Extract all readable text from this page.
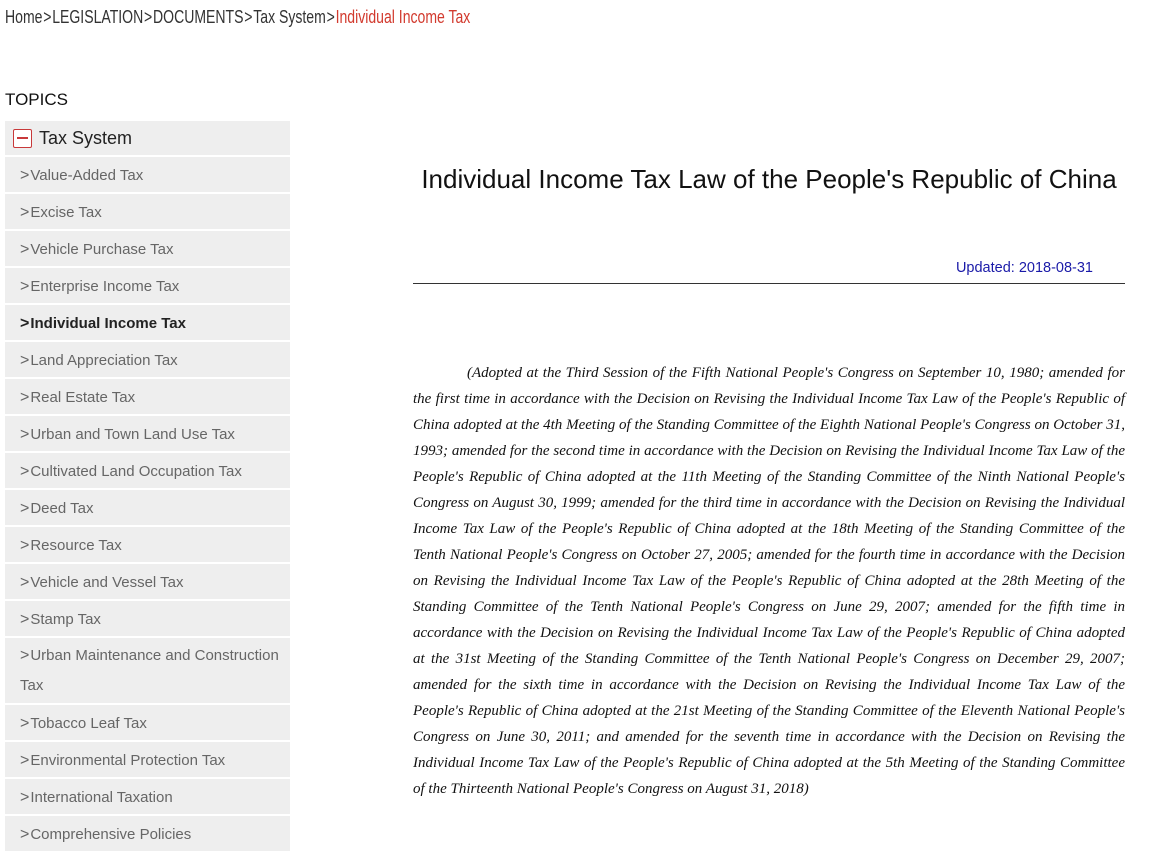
Home>LEGISLATION>DOCUMENTS>Tax System>Individual Income Tax
TOPICS
Tax System
>Value-Added Tax
>Excise Tax
>Vehicle Purchase Tax
>Enterprise Income Tax
>Individual Income Tax
>Land Appreciation Tax
>Real Estate Tax
>Urban and Town Land Use Tax
>Cultivated Land Occupation Tax
>Deed Tax
>Resource Tax
>Vehicle and Vessel Tax
>Stamp Tax
>Urban Maintenance and Construction Tax
>Tobacco Leaf Tax
>Environmental Protection Tax
>International Taxation
>Comprehensive Policies
Individual Income Tax Law of the People's Republic of China
Updated: 2018-08-31

(Adopted at the Third Session of the Fifth National People's Congress on September 10, 1980; amended for the first time in accordance with the Decision on Revising the Individual Income Tax Law of the People's Republic of China adopted at the 4th Meeting of the Standing Committee of the Eighth National People's Congress on October 31, 1993; amended for the second time in accordance with the Decision on Revising the Individual Income Tax Law of the People's Republic of China adopted at the 11th Meeting of the Standing Committee of the Ninth National People's Congress on August 30, 1999; amended for the third time in accordance with the Decision on Revising the Individual Income Tax Law of the People's Republic of China adopted at the 18th Meeting of the Standing Committee of the Tenth National People's Congress on October 27, 2005; amended for the fourth time in accordance with the Decision on Revising the Individual Income Tax Law of the People's Republic of China adopted at the 28th Meeting of the Standing Committee of the Tenth National People's Congress on June 29, 2007; amended for the fifth time in accordance with the Decision on Revising the Individual Income Tax Law of the People's Republic of China adopted at the 31st Meeting of the Standing Committee of the Tenth National People's Congress on December 29, 2007; amended for the sixth time in accordance with the Decision on Revising the Individual Income Tax Law of the People's Republic of China adopted at the 21st Meeting of the Standing Committee of the Eleventh National People's Congress on June 30, 2011; and amended for the seventh time in accordance with the Decision on Revising the Individual Income Tax Law of the People's Republic of China adopted at the 5th Meeting of the Standing Committee of the Thirteenth National People's Congress on August 31, 2018)
